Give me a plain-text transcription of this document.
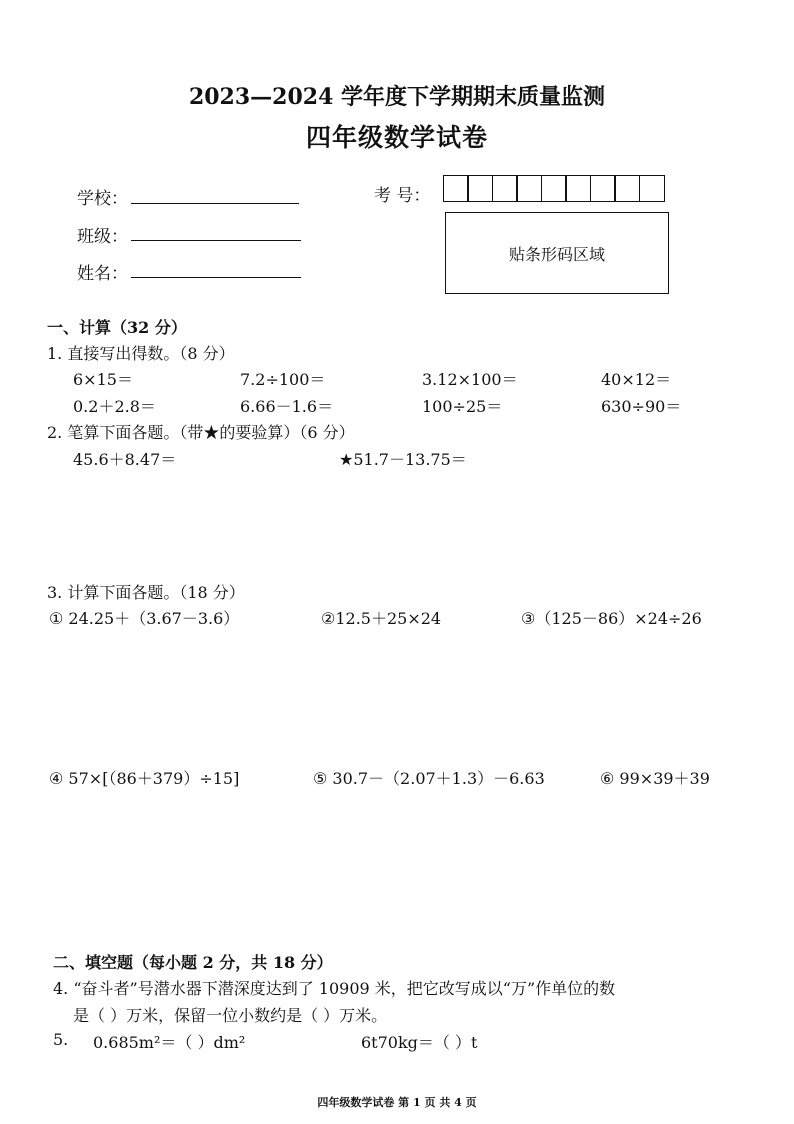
2023—2024 学年度下学期期末质量监测
四年级数学试卷
学校：
班级：
姓名：
考 号：
贴条形码区域
一、计算（32 分）
1. 直接写出得数。（8 分）
6×15＝	7.2÷100＝	3.12×100＝	40×12＝
0.2＋2.8＝	6.66－1.6＝	100÷25＝	630÷90＝
2. 笔算下面各题。（带★的要验算）（6 分）
45.6＋8.47＝	★51.7－13.75＝
3. 计算下面各题。（18 分）
① 24.25＋（3.67－3.6）	②12.5＋25×24	③（125－86）×24÷26
④ 57×[（86＋379）÷15]	⑤ 30.7－（2.07＋1.3）－6.63	⑥ 99×39＋39
二、填空题（每小题 2 分，共 18 分）
4. “奋斗者”号潜水器下潜深度达到了 10909 米，把它改写成以“万”作单位的数
是（ ）万米，保留一位小数约是（ ）万米。
5. 0.685m²＝（ ）dm²	6t70kg＝（ ）t
四年级数学试卷 第 1 页 共 4 页
